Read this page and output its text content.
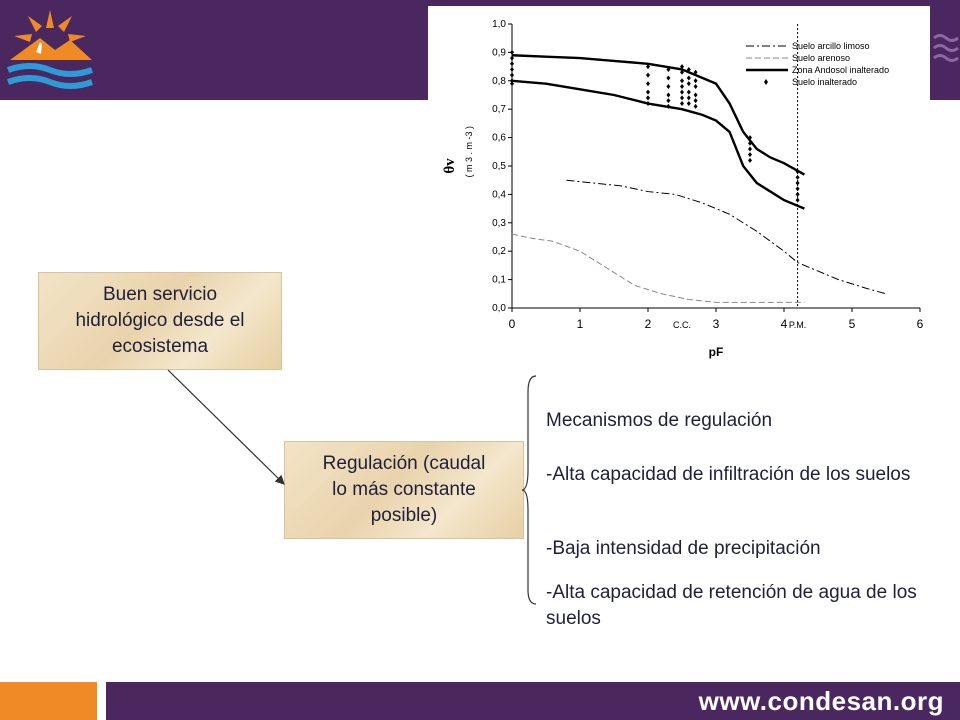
0,0
0,1
0,2
0,3
0,4
0,5
0,6
0,7
0,8
0,9
1,0
0	1	2	3	4	5	6
C.C.	P.M.
pF
θv ( m 3 . m -3 )
Suelo arcillo limoso
Suelo arenoso
Zona Andosol inalterado
Suelo inalterado
Buen servicio
hidrológico desde el
ecosistema
Regulación (caudal
lo más constante
posible)
Mecanismos de regulación
-Alta capacidad de infiltración de los suelos
-Baja intensidad de precipitación
-Alta capacidad de retención de agua de los suelos
www.condesan.org
